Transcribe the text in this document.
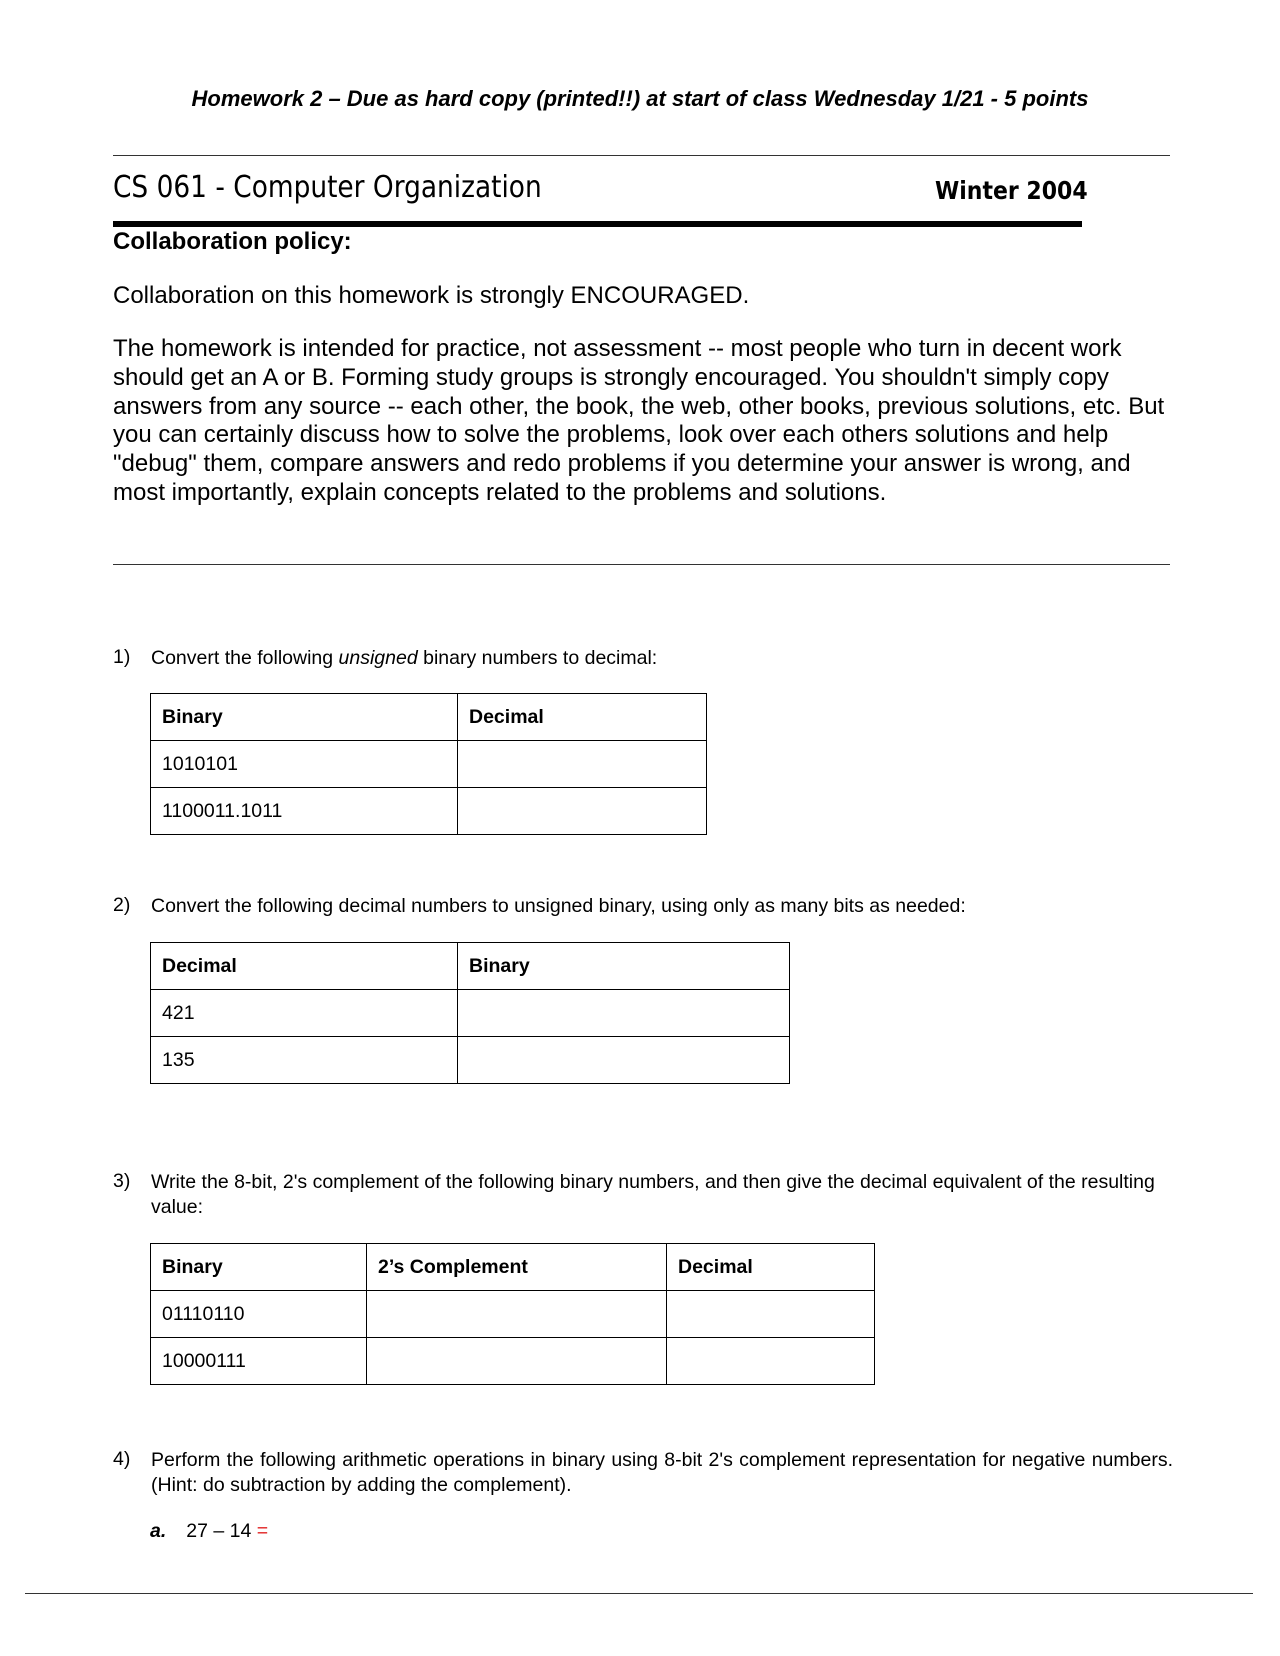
Homework 2 – Due as hard copy (printed!!) at start of class Wednesday 1/21 - 5 points
CS 061 - Computer Organization	Winter 2004
Collaboration policy:
Collaboration on this homework is strongly ENCOURAGED.
The homework is intended for practice, not assessment -- most people who turn in decent work should get an A or B. Forming study groups is strongly encouraged. You shouldn't simply copy answers from any source -- each other, the book, the web, other books, previous solutions, etc. But you can certainly discuss how to solve the problems, look over each others solutions and help "debug" them, compare answers and redo problems if you determine your answer is wrong, and most importantly, explain concepts related to the problems and solutions.
1) Convert the following unsigned binary numbers to decimal:
Binary	Decimal
1010101	
1100011.1011	
2) Convert the following decimal numbers to unsigned binary, using only as many bits as needed:
Decimal	Binary
421	
135	
3) Write the 8-bit, 2's complement of the following binary numbers, and then give the decimal equivalent of the resulting value:
Binary	2’s Complement	Decimal
01110110		
10000111		
4) Perform the following arithmetic operations in binary using 8-bit 2's complement representation for negative numbers. (Hint: do subtraction by adding the complement).
a. 27 – 14 =
